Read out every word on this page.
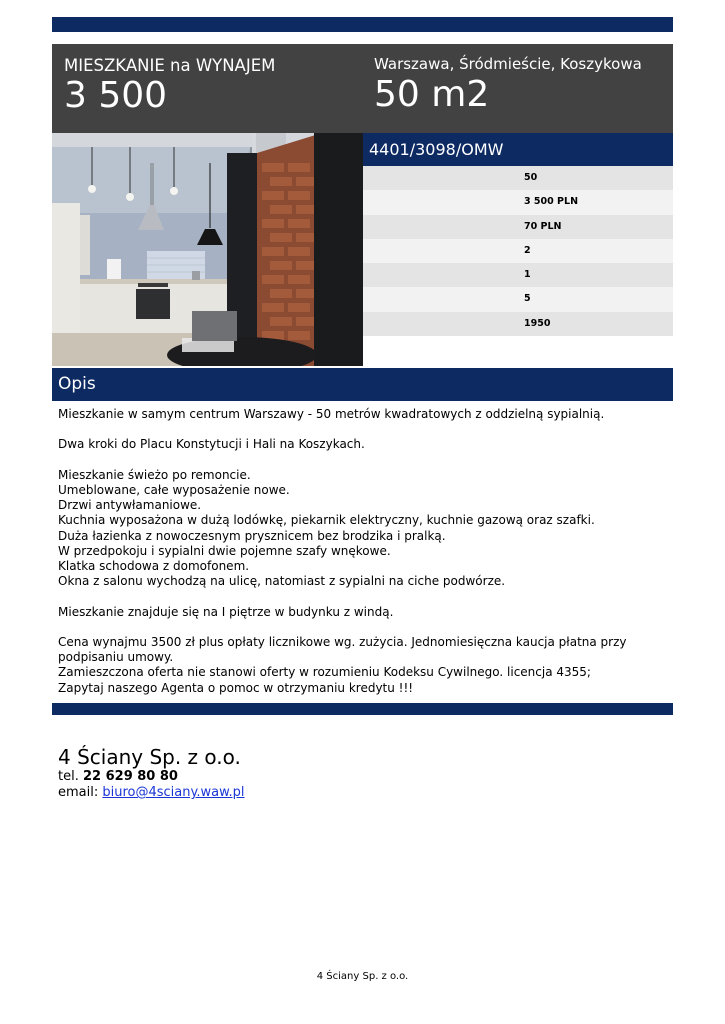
MIESZKANIE na WYNAJEM
3 500
Warszawa, Śródmieście, Koszykowa
50 m2
4401/3098/OMW
50
3 500 PLN
70 PLN
2
1
5
1950
Opis

Mieszkanie w samym centrum Warszawy - 50 metrów kwadratowych z oddzielną sypialnią.

Dwa kroki do Placu Konstytucji i Hali na Koszykach.

Mieszkanie świeżo po remoncie.

Umeblowane, całe wyposażenie nowe.

Drzwi antywłamaniowe.

Kuchnia wyposażona w dużą lodówkę, piekarnik elektryczny, kuchnie gazową oraz szafki.

Duża łazienka z nowoczesnym prysznicem bez brodzika i pralką.

W przedpokoju i sypialni dwie pojemne szafy wnękowe.

Klatka schodowa z domofonem.

Okna z salonu wychodzą na ulicę, natomiast z sypialni na ciche podwórze.

Mieszkanie znajduje się na I piętrze w budynku z windą.

Cena wynajmu 3500 zł plus opłaty licznikowe wg. zużycia. Jednomiesięczna kaucja płatna przy

podpisaniu umowy.

Zamieszczona oferta nie stanowi oferty w rozumieniu Kodeksu Cywilnego. licencja 4355;

Zapytaj naszego Agenta o pomoc w otrzymaniu kredytu !!!

4 Ściany Sp. z o.o.
tel. 22 629 80 80
email: biuro@4sciany.waw.pl
4 Ściany Sp. z o.o.
